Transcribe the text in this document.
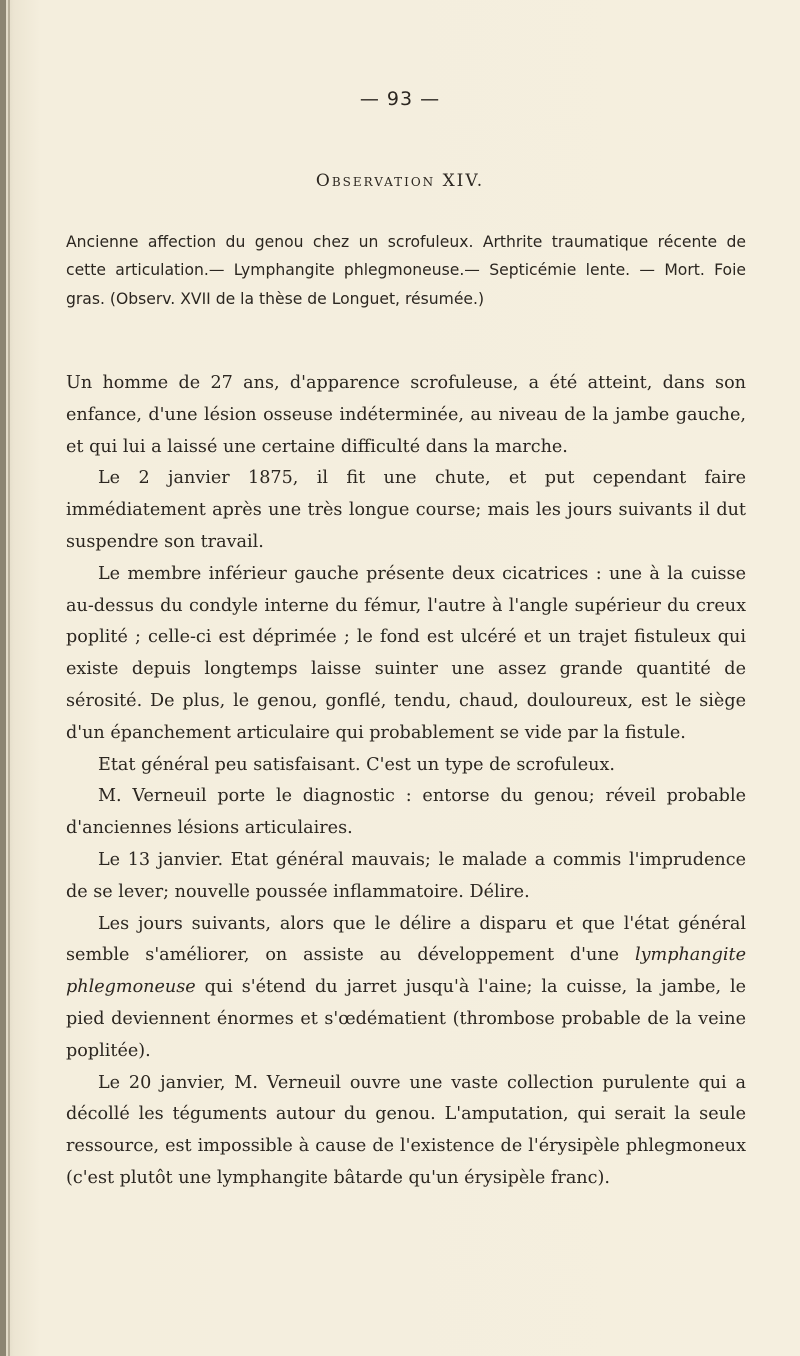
— 93 —
Observation XIV.

Ancienne affection du genou chez un scrofuleux. Arthrite traumatique récente de cette articulation.— Lymphangite phlegmoneuse.— Septicémie lente. — Mort. Foie gras. (Observ. XVII de la thèse de Longuet, résumée.)

Un homme de 27 ans, d'apparence scrofuleuse, a été atteint, dans son enfance, d'une lésion osseuse indéterminée, au niveau de la jambe gauche, et qui lui a laissé une certaine difficulté dans la marche.

Le 2 janvier 1875, il fit une chute, et put cependant faire immédiatement après une très longue course; mais les jours suivants il dut suspendre son travail.

Le membre inférieur gauche présente deux cicatrices : une à la cuisse au-dessus du condyle interne du fémur, l'autre à l'angle supérieur du creux poplité ; celle-ci est déprimée ; le fond est ulcéré et un trajet fistuleux qui existe depuis longtemps laisse suinter une assez grande quantité de sérosité. De plus, le genou, gonflé, tendu, chaud, douloureux, est le siège d'un épanchement articulaire qui probablement se vide par la fistule.

Etat général peu satisfaisant. C'est un type de scrofuleux.

M. Verneuil porte le diagnostic : entorse du genou; réveil probable d'anciennes lésions articulaires.

Le 13 janvier. Etat général mauvais; le malade a commis l'imprudence de se lever; nouvelle poussée inflammatoire. Délire.

Les jours suivants, alors que le délire a disparu et que l'état général semble s'améliorer, on assiste au développement d'une lymphangite phlegmoneuse qui s'étend du jarret jusqu'à l'aine; la cuisse, la jambe, le pied deviennent énormes et s'œdématient (thrombose probable de la veine poplitée).

Le 20 janvier, M. Verneuil ouvre une vaste collection purulente qui a décollé les téguments autour du genou. L'amputation, qui serait la seule ressource, est impossible à cause de l'existence de l'érysipèle phlegmoneux (c'est plutôt une lymphangite bâtarde qu'un érysipèle franc).
